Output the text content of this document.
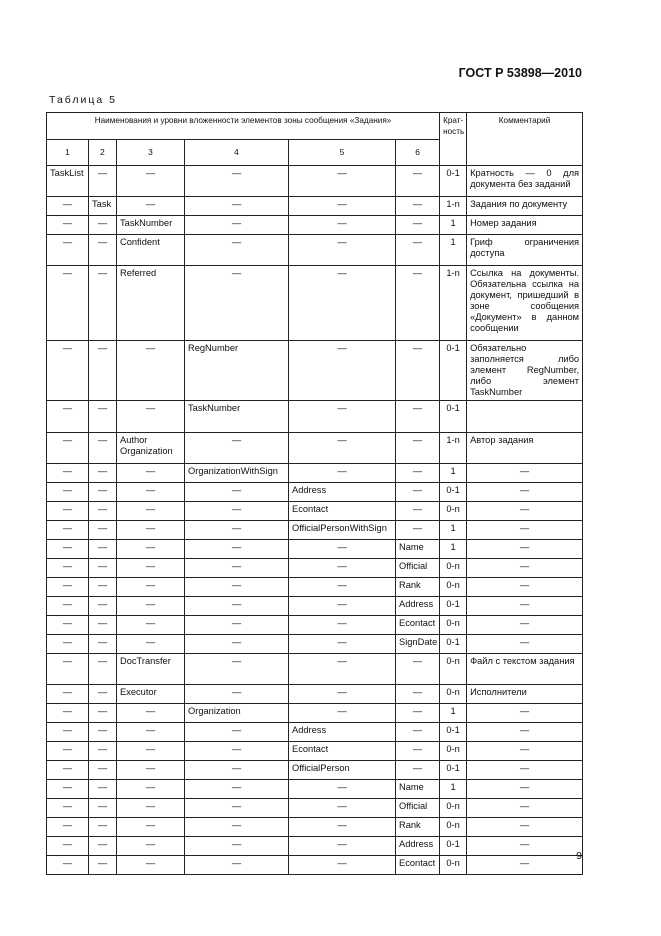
ГОСТ Р 53898—2010
Таблица 5
Наименования и уровни вложенности элементов зоны сообщения «Задания»						Крат-ность	Комментарий
1	2	3	4	5	6		
TaskList	—	—	—	—	—	0-1	Кратность — 0 для документа без заданий
—	Task	—	—	—	—	1-n	Задания по документу
—	—	TaskNumber	—	—	—	1	Номер задания
—	—	Confident	—	—	—	1	Гриф ограничения доступа
—	—	Referred	—	—	—	1-n	Ссылка на документы. Обязательна ссылка на документ, пришедший в зоне сообщения «Документ» в данном сообщении
—	—	—	RegNumber	—	—	0-1	Обязательно заполняется либо элемент RegNumber, либо элемент TaskNumber
—	—	—	TaskNumber	—	—	0-1	
—	—	Author Organization	—	—	—	1-n	Автор задания
—	—	—	OrganizationWithSign	—	—	1	—
—	—	—	—	Address	—	0-1	—
—	—	—	—	Econtact	—	0-n	—
—	—	—	—	OfficialPersonWithSign	—	1	—
—	—	—	—	—	Name	1	—
—	—	—	—	—	Official	0-n	—
—	—	—	—	—	Rank	0-n	—
—	—	—	—	—	Address	0-1	—
—	—	—	—	—	Econtact	0-n	—
—	—	—	—	—	SignDate	0-1	—
—	—	DocTransfer	—	—	—	0-n	Файл с текстом задания
—	—	Executor	—	—	—	0-n	Исполнители
—	—	—	Organization	—	—	1	—
—	—	—	—	Address	—	0-1	—
—	—	—	—	Econtact	—	0-n	—
—	—	—	—	OfficialPerson	—	0-1	—
—	—	—	—	—	Name	1	—
—	—	—	—	—	Official	0-n	—
—	—	—	—	—	Rank	0-n	—
—	—	—	—	—	Address	0-1	—
—	—	—	—	—	Econtact	0-n	—
9
